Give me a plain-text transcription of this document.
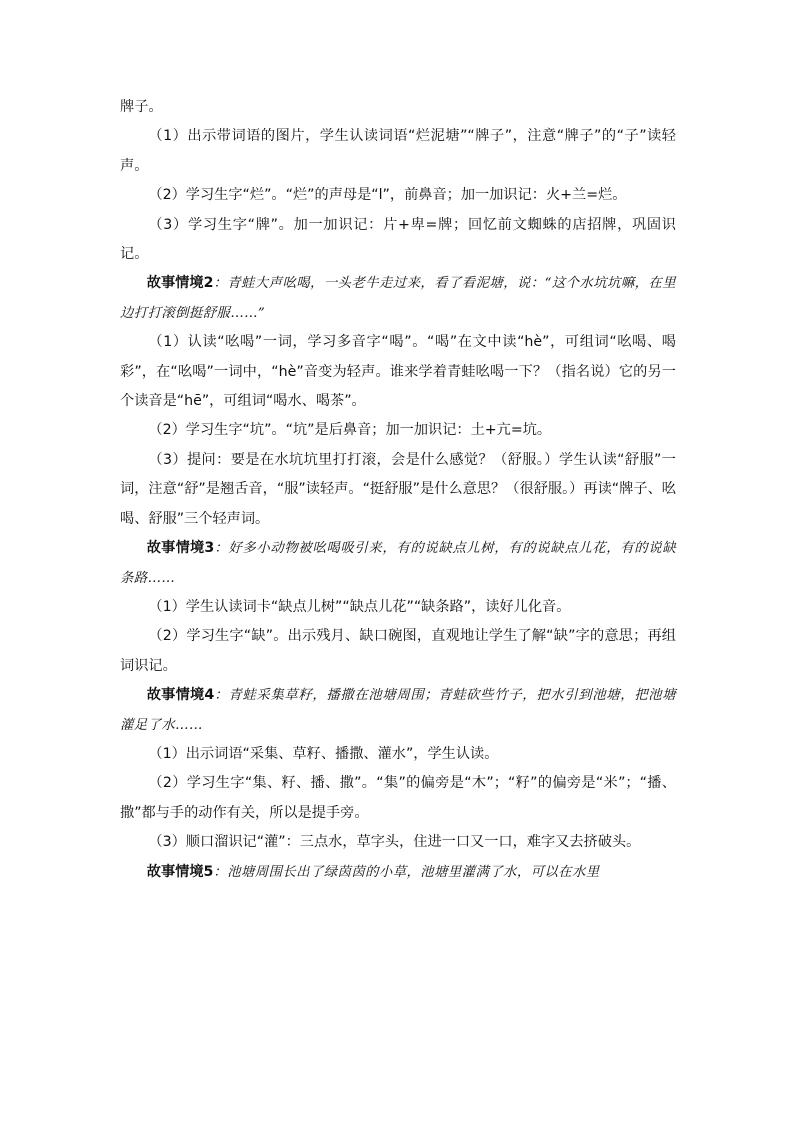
牌子。

（1）出示带词语的图片，学生认读词语“烂泥塘”“牌子”，注意“牌子”的“子”读轻声。

（2）学习生字“烂”。“烂”的声母是“l”，前鼻音；加一加识记：火+兰=烂。

（3）学习生字“牌”。加一加识记：片+卑=牌；回忆前文蜘蛛的店招牌，巩固识记。

故事情境2：青蛙大声吆喝，一头老牛走过来，看了看泥塘，说：“这个水坑坑嘛，在里边打打滚倒挺舒服……”

（1）认读“吆喝”一词，学习多音字“喝”。“喝”在文中读“hè”，可组词“吆喝、喝彩”，在“吆喝”一词中，“hè”音变为轻声。谁来学着青蛙吆喝一下？（指名说）它的另一个读音是“hē”，可组词“喝水、喝茶”。

（2）学习生字“坑”。“坑”是后鼻音；加一加识记：土+亢=坑。

（3）提问：要是在水坑坑里打打滚，会是什么感觉？（舒服。）学生认读“舒服”一词，注意“舒”是翘舌音，“服”读轻声。“挺舒服”是什么意思？（很舒服。）再读“牌子、吆喝、舒服”三个轻声词。

故事情境3：好多小动物被吆喝吸引来，有的说缺点儿树，有的说缺点儿花，有的说缺条路……

（1）学生认读词卡“缺点儿树”“缺点儿花”“缺条路”，读好儿化音。

（2）学习生字“缺”。出示残月、缺口碗图，直观地让学生了解“缺”字的意思；再组词识记。

故事情境4：青蛙采集草籽，播撒在池塘周围；青蛙砍些竹子，把水引到池塘，把池塘灌足了水……

（1）出示词语“采集、草籽、播撒、灌水”，学生认读。

（2）学习生字“集、籽、播、撒”。“集”的偏旁是“木”；“籽”的偏旁是“米”；“播、撒”都与手的动作有关，所以是提手旁。

（3）顺口溜识记“灌”：三点水，草字头，住进一口又一口，难字又去挤破头。

故事情境5：池塘周围长出了绿茵茵的小草，池塘里灌满了水，可以在水里
